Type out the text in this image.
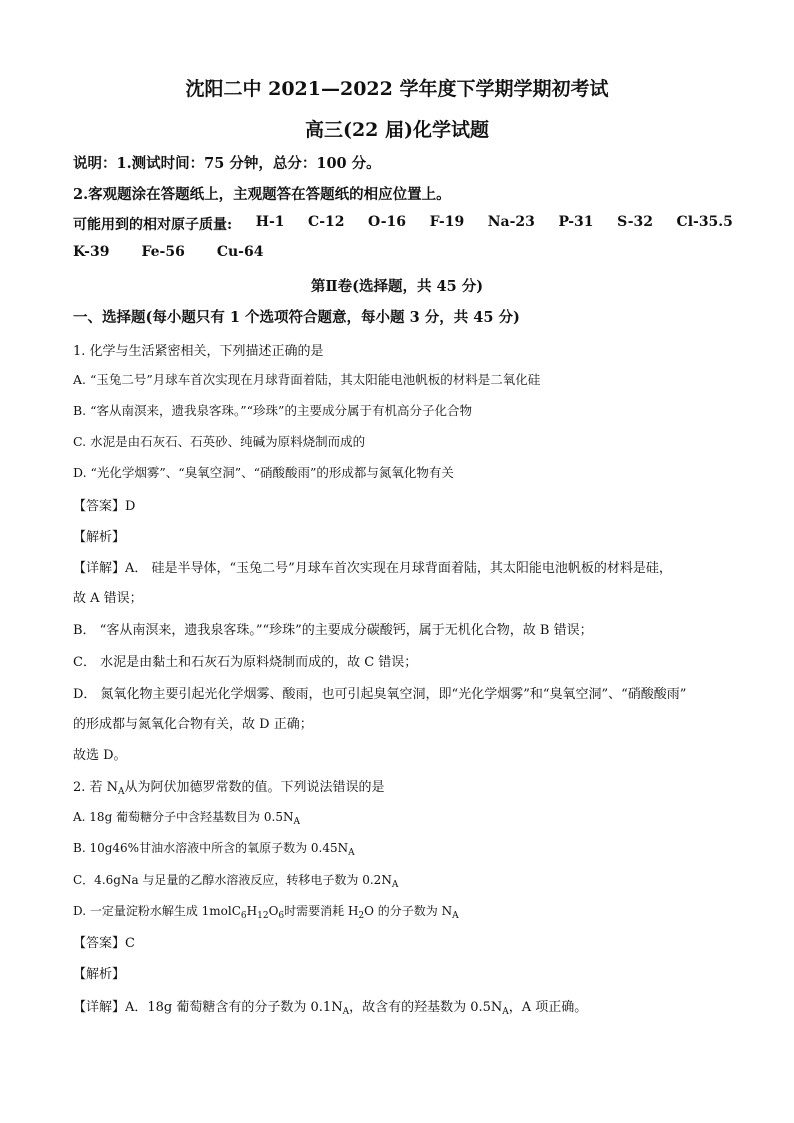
沈阳二中 2021—2022 学年度下学期学期初考试
高三(22 届)化学试题
说明：1.测试时间：75 分钟，总分：100 分。
2.客观题涂在答题纸上，主观题答在答题纸的相应位置上。
可能用到的相对原子质量: H-1 C-12 O-16 F-19 Na-23 P-31 S-32 Cl-35.5
K-39 Fe-56 Cu-64
第Ⅱ卷(选择题，共 45 分)
一、选择题(每小题只有 1 个选项符合题意，每小题 3 分，共 45 分)
1. 化学与生活紧密相关，下列描述正确的是
A. “玉兔二号”月球车首次实现在月球背面着陆，其太阳能电池帆板的材料是二氧化硅
B. “客从南溟来，遗我泉客珠。”“珍珠”的主要成分属于有机高分子化合物
C. 水泥是由石灰石、石英砂、纯碱为原料烧制而成的
D. “光化学烟雾”、“臭氧空洞”、“硝酸酸雨”的形成都与氮氧化物有关
【答案】D
【解析】
【详解】A． 硅是半导体，“玉兔二号”月球车首次实现在月球背面着陆，其太阳能电池帆板的材料是硅，
故 A 错误；
B． “客从南溟来，遗我泉客珠。”“珍珠”的主要成分碳酸钙，属于无机化合物，故 B 错误；
C． 水泥是由黏土和石灰石为原料烧制而成的，故 C 错误；
D． 氮氧化物主要引起光化学烟雾、酸雨，也可引起臭氧空洞，即“光化学烟雾”和“臭氧空洞”、“硝酸酸雨”
的形成都与氮氧化合物有关，故 D 正确；
故选 D。
2. 若 $N_A$从为阿伏加德罗常数的值。下列说法错误的是
A. 18g 葡萄糖分子中含羟基数目为 $0.5N_A$
B. 10g46%甘油水溶液中所含的氧原子数为 $0.45N_A$
C．4.6gNa 与足量的乙醇水溶液反应，转移电子数为 $0.2N_A$
D. 一定量淀粉水解生成 $1molC_6H_{12}O_6$时需要消耗 $H_2O$ 的分子数为 $N_A$
【答案】C
【解析】
【详解】A．18g 葡萄糖含有的分子数为 $0.1N_A$，故含有的羟基数为 $0.5N_A$，A 项正确。
